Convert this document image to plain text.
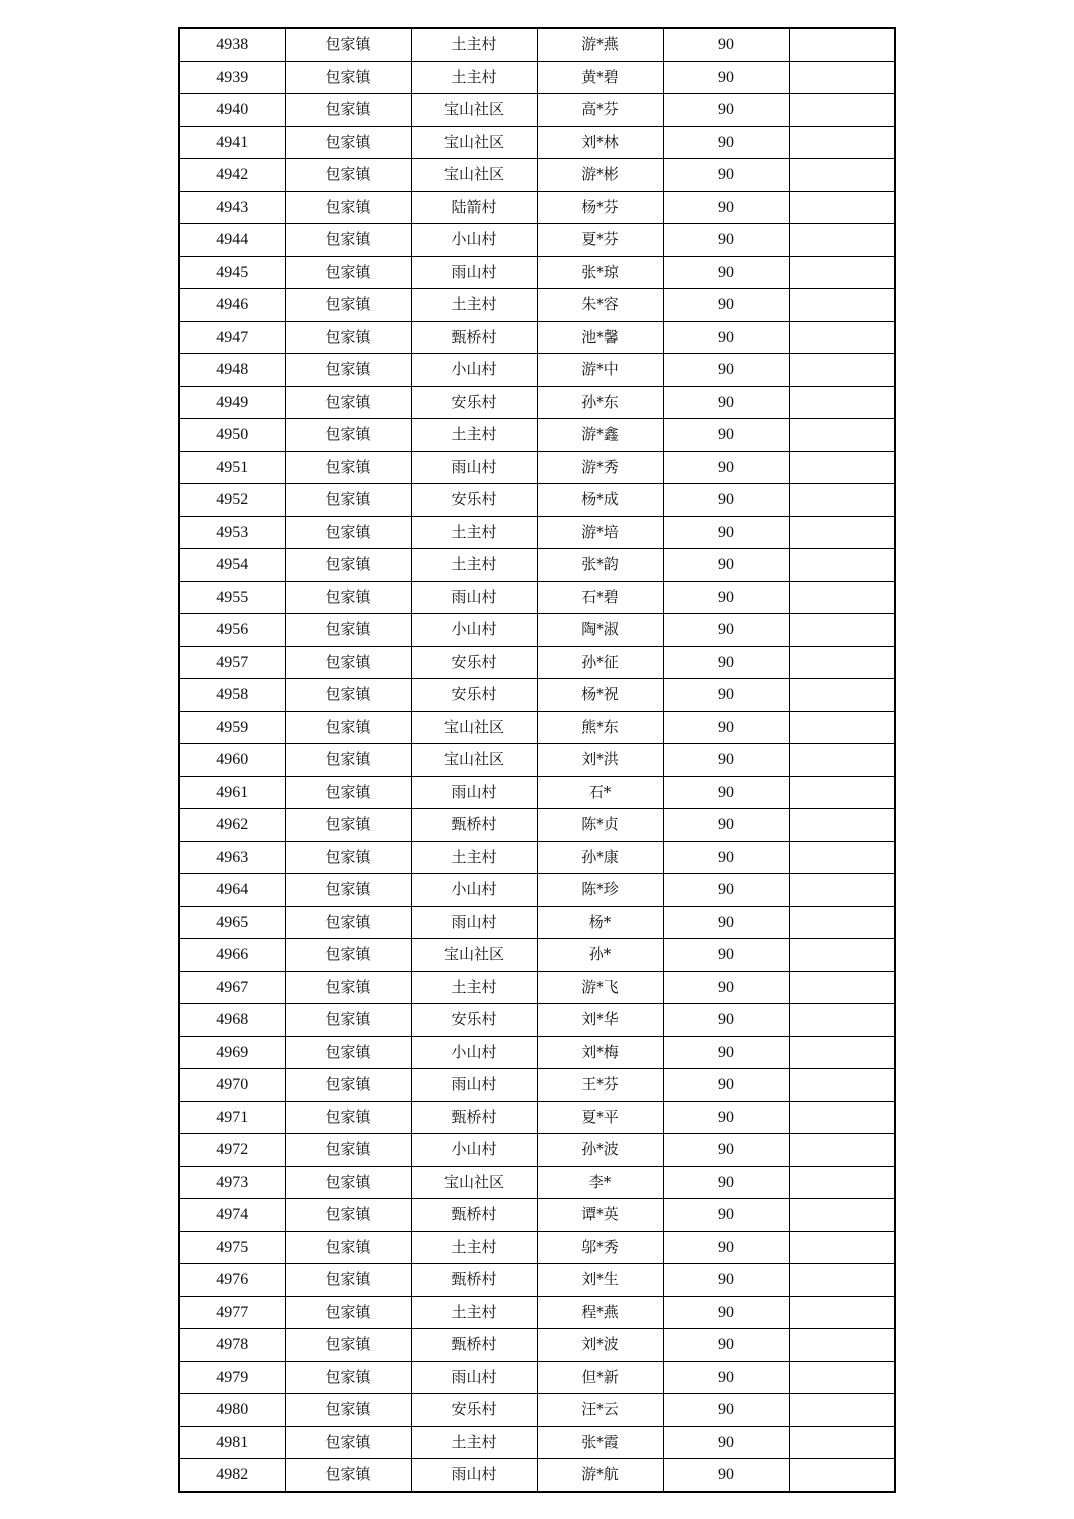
4938	包家镇	土主村	游*燕	90	
4939	包家镇	土主村	黄*碧	90	
4940	包家镇	宝山社区	高*芬	90	
4941	包家镇	宝山社区	刘*林	90	
4942	包家镇	宝山社区	游*彬	90	
4943	包家镇	陆箭村	杨*芬	90	
4944	包家镇	小山村	夏*芬	90	
4945	包家镇	雨山村	张*琼	90	
4946	包家镇	土主村	朱*容	90	
4947	包家镇	甄桥村	池*馨	90	
4948	包家镇	小山村	游*中	90	
4949	包家镇	安乐村	孙*东	90	
4950	包家镇	土主村	游*鑫	90	
4951	包家镇	雨山村	游*秀	90	
4952	包家镇	安乐村	杨*成	90	
4953	包家镇	土主村	游*培	90	
4954	包家镇	土主村	张*韵	90	
4955	包家镇	雨山村	石*碧	90	
4956	包家镇	小山村	陶*淑	90	
4957	包家镇	安乐村	孙*征	90	
4958	包家镇	安乐村	杨*祝	90	
4959	包家镇	宝山社区	熊*东	90	
4960	包家镇	宝山社区	刘*洪	90	
4961	包家镇	雨山村	石*	90	
4962	包家镇	甄桥村	陈*贞	90	
4963	包家镇	土主村	孙*康	90	
4964	包家镇	小山村	陈*珍	90	
4965	包家镇	雨山村	杨*	90	
4966	包家镇	宝山社区	孙*	90	
4967	包家镇	土主村	游*飞	90	
4968	包家镇	安乐村	刘*华	90	
4969	包家镇	小山村	刘*梅	90	
4970	包家镇	雨山村	王*芬	90	
4971	包家镇	甄桥村	夏*平	90	
4972	包家镇	小山村	孙*波	90	
4973	包家镇	宝山社区	李*	90	
4974	包家镇	甄桥村	谭*英	90	
4975	包家镇	土主村	邬*秀	90	
4976	包家镇	甄桥村	刘*生	90	
4977	包家镇	土主村	程*燕	90	
4978	包家镇	甄桥村	刘*波	90	
4979	包家镇	雨山村	但*新	90	
4980	包家镇	安乐村	汪*云	90	
4981	包家镇	土主村	张*霞	90	
4982	包家镇	雨山村	游*航	90	
